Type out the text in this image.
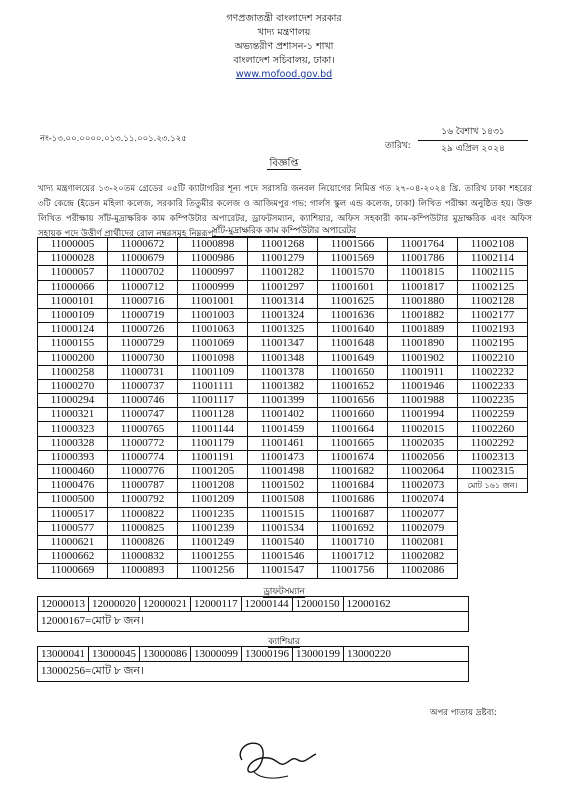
গণপ্রজাতন্ত্রী বাংলাদেশ সরকার
খাদ্য মন্ত্রণালয়
অভ্যন্তরীণ প্রশাসন-১ শাখা
বাংলাদেশ সচিবালয়, ঢাকা।
www.mofood.gov.bd
নং-১৩.০০.০০০০.০১৩.১১.০০১.২৩.১২৫
তারিখ:
১৬ বৈশাখ ১৪৩১
২৯ এপ্রিল ২০২৪
বিজ্ঞপ্তি
খাদ্য মন্ত্রণালয়ের ১৩-২০তম গ্রেডের ০৫টি ক্যাটাগরির শূন্য পদে সরাসরি জনবল নিয়োগের নিমিত্ত গত ২৭-০৪-২০২৪ খ্রি. তারিখ ঢাকা শহরের ৩টি কেন্দ্রে (ইডেন মহিলা কলেজ, সরকারি তিতুমীর কলেজ ও আজিমপুর গভ: গার্লস স্কুল এন্ড কলেজ, ঢাকা) লিখিত পরীক্ষা অনুষ্ঠিত হয়। উক্ত লিখিত পরীক্ষায় সাঁট-মুদ্রাক্ষরিক কাম কম্পিউটার অপারেটর, ড্রাফটসম্যান, ক্যাশিয়ার, অফিস সহকারী কাম-কম্পিউটার মুদ্রাক্ষরিক এবং অফিস সহায়ক পদে উত্তীর্ণ প্রার্থীদের রোল নম্বরসমূহ নিম্নরূপ:
সাঁট-মুদ্রাক্ষরিক কাম কম্পিউটার অপারেটর
11000005	11000672	11000898	11001268	11001566	11001764	11002108
11000028	11000679	11000986	11001279	11001569	11001786	11002114
11000057	11000702	11000997	11001282	11001570	11001815	11002115
11000066	11000712	11000999	11001297	11001601	11001817	11002125
11000101	11000716	11001001	11001314	11001625	11001880	11002128
11000109	11000719	11001003	11001324	11001636	11001882	11002177
11000124	11000726	11001063	11001325	11001640	11001889	11002193
11000155	11000729	11001069	11001347	11001648	11001890	11002195
11000200	11000730	11001098	11001348	11001649	11001902	11002210
11000258	11000731	11001109	11001378	11001650	11001911	11002232
11000270	11000737	11001111	11001382	11001652	11001946	11002233
11000294	11000746	11001117	11001399	11001656	11001988	11002235
11000321	11000747	11001128	11001402	11001660	11001994	11002259
11000323	11000765	11001144	11001459	11001664	11002015	11002260
11000328	11000772	11001179	11001461	11001665	11002035	11002292
11000393	11000774	11001191	11001473	11001674	11002056	11002313
11000460	11000776	11001205	11001498	11001682	11002064	11002315
11000476	11000787	11001208	11001502	11001684	11002073	মোট ১৬১ জন।
11000500	11000792	11001209	11001508	11001686	11002074	
11000517	11000822	11001235	11001515	11001687	11002077	
11000577	11000825	11001239	11001534	11001692	11002079	
11000621	11000826	11001249	11001540	11001710	11002081	
11000662	11000832	11001255	11001546	11001712	11002082	
11000669	11000893	11001256	11001547	11001756	11002086	
ড্রাফটসম্যান
12000013	12000020	12000021	12000117	12000144	12000150	12000162
12000167=মোট ৮ জন।
ক্যাশিয়ার
13000041	13000045	13000086	13000099	13000196	13000199	13000220
13000256=মোট ৮ জন।
অপর পাতায় দ্রষ্টব্য:
